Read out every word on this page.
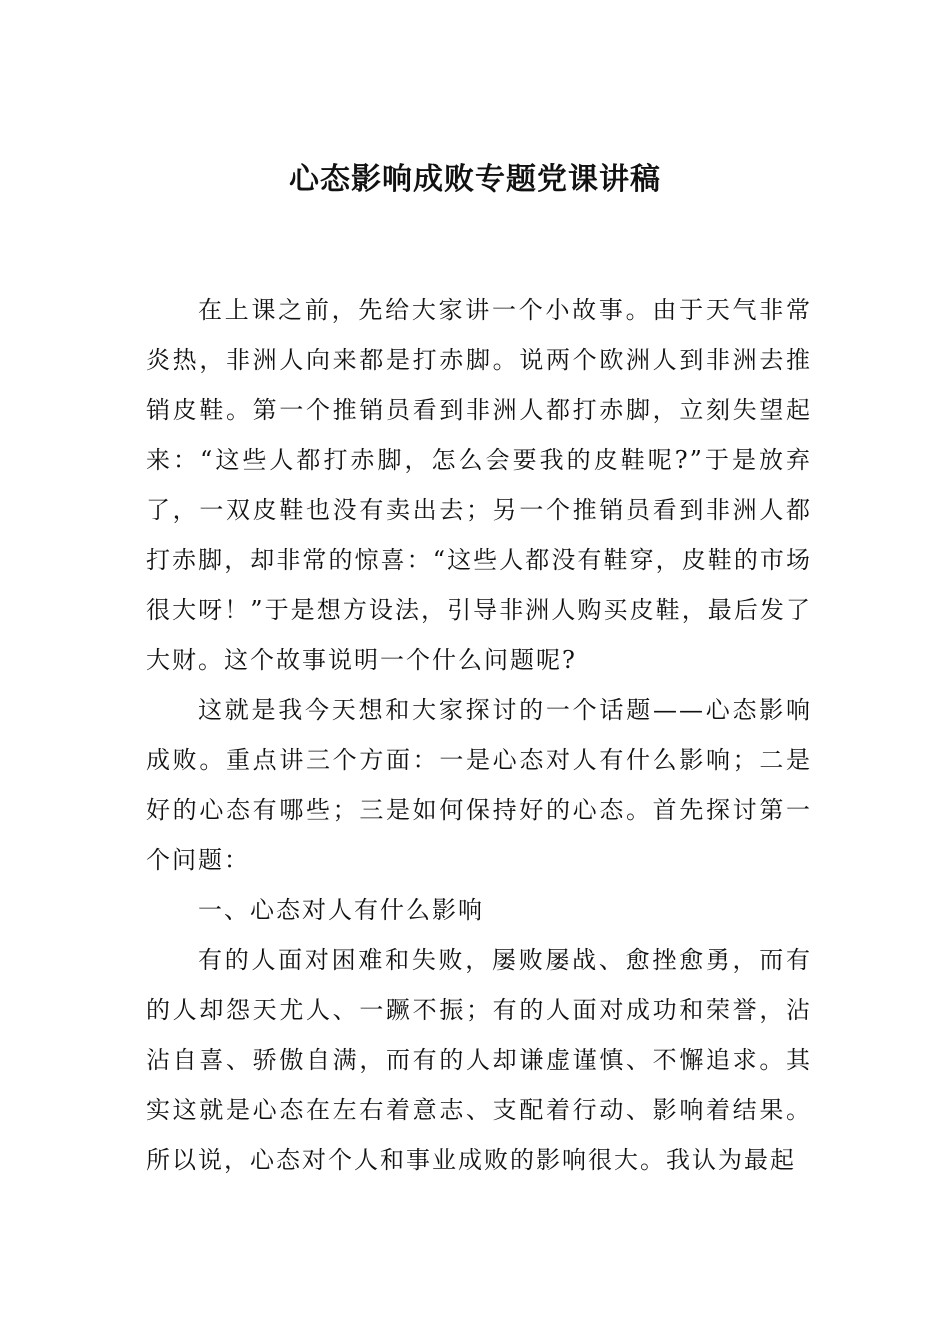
心态影响成败专题党课讲稿

在上课之前，先给大家讲一个小故事。由于天气非常炎热，非洲人向来都是打赤脚。说两个欧洲人到非洲去推销皮鞋。第一个推销员看到非洲人都打赤脚，立刻失望起来：“这些人都打赤脚，怎么会要我的皮鞋呢?”于是放弃了，一双皮鞋也没有卖出去；另一个推销员看到非洲人都打赤脚，却非常的惊喜：“这些人都没有鞋穿，皮鞋的市场很大呀！”于是想方设法，引导非洲人购买皮鞋，最后发了大财。这个故事说明一个什么问题呢?

这就是我今天想和大家探讨的一个话题——心态影响成败。重点讲三个方面：一是心态对人有什么影响；二是好的心态有哪些；三是如何保持好的心态。首先探讨第一个问题：

一、心态对人有什么影响

有的人面对困难和失败，屡败屡战、愈挫愈勇，而有的人却怨天尤人、一蹶不振；有的人面对成功和荣誉，沾沾自喜、骄傲自满，而有的人却谦虚谨慎、不懈追求。其实这就是心态在左右着意志、支配着行动、影响着结果。所以说，心态对个人和事业成败的影响很大。我认为最起
